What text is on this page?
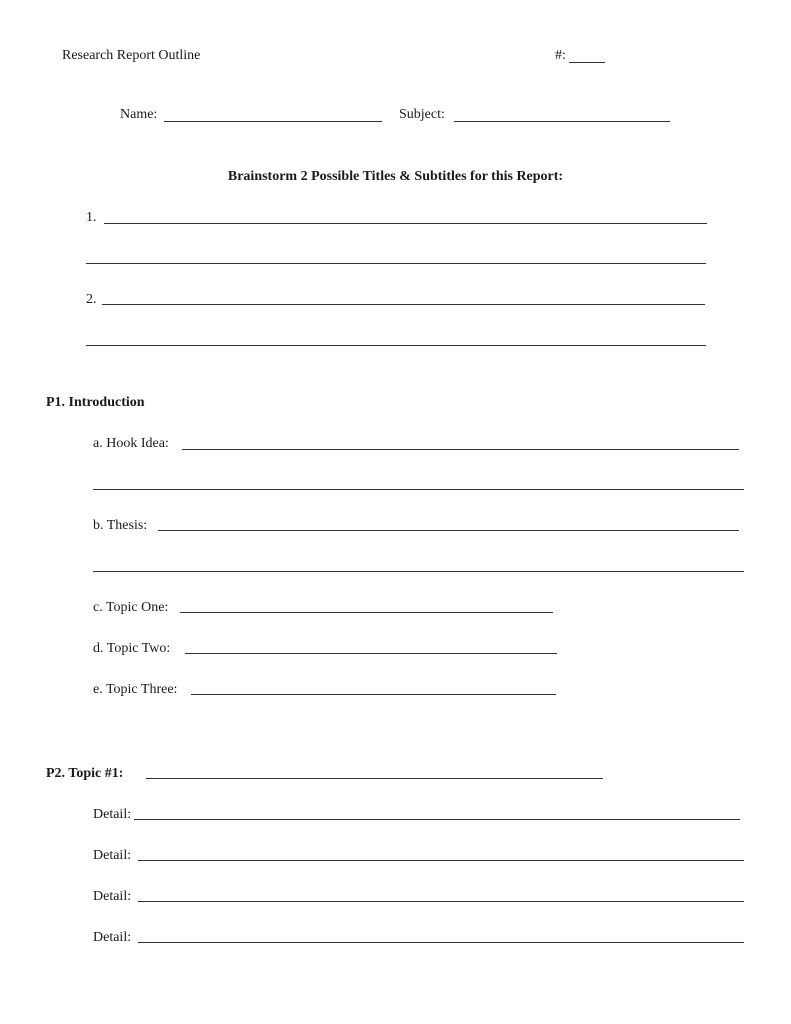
Research Report Outline	#:
Name:	Subject:
Brainstorm 2 Possible Titles & Subtitles for this Report:
1.
2.
P1. Introduction
a. Hook Idea:
b. Thesis:
c. Topic One:
d. Topic Two:
e. Topic Three:
P2. Topic #1:
Detail:
Detail:
Detail:
Detail:
